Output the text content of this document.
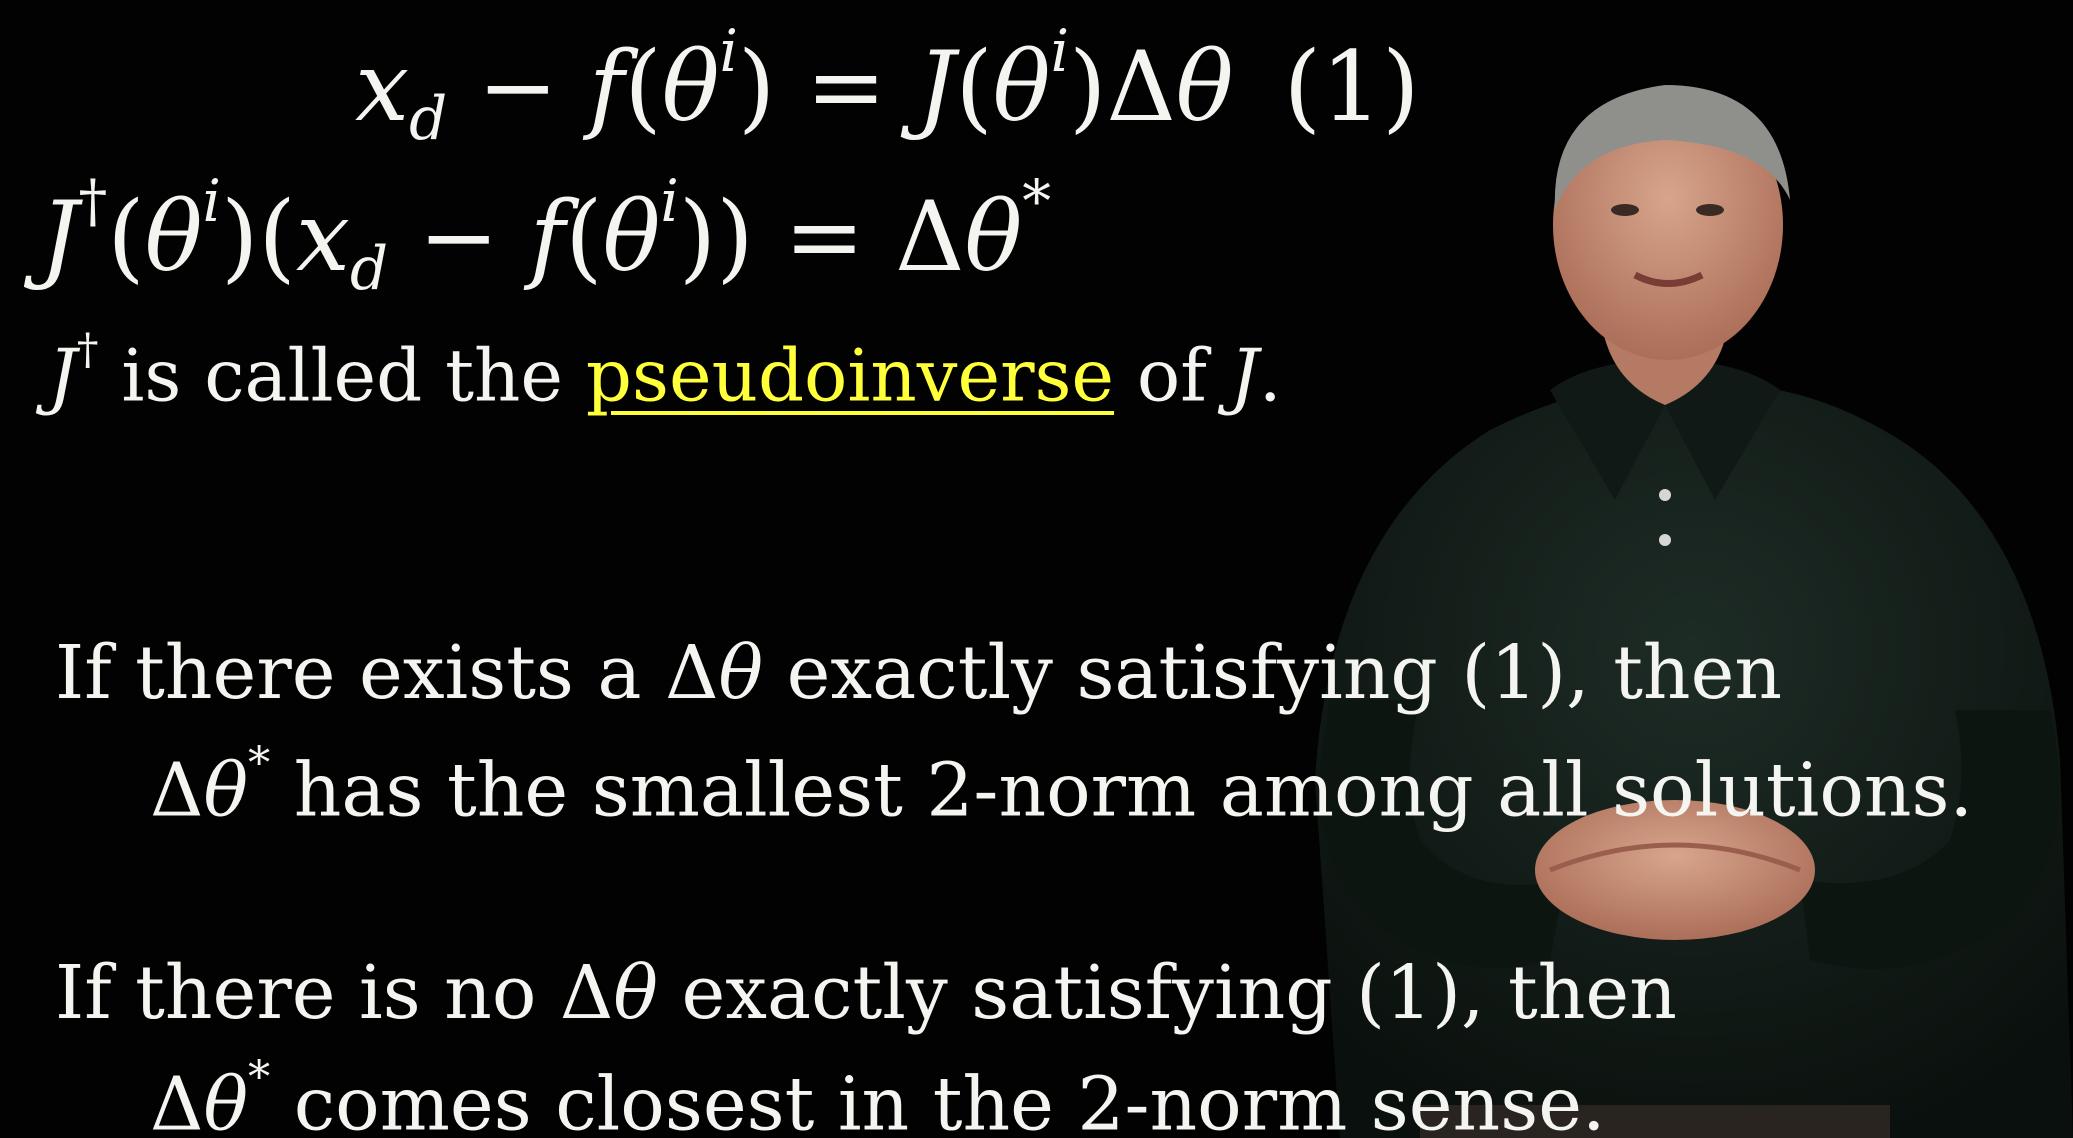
$x_d - f(\theta^i) = J(\theta^i)\Delta\theta$ (1)
$J^\dagger(\theta^i)(x_d - f(\theta^i)) = \Delta\theta^*$
J† is called the pseudoinverse of J.
If there exists a Δθ exactly satisfying (1), then
Δθ* has the smallest 2-norm among all solutions.
If there is no Δθ exactly satisfying (1), then
Δθ* comes closest in the 2-norm sense.
